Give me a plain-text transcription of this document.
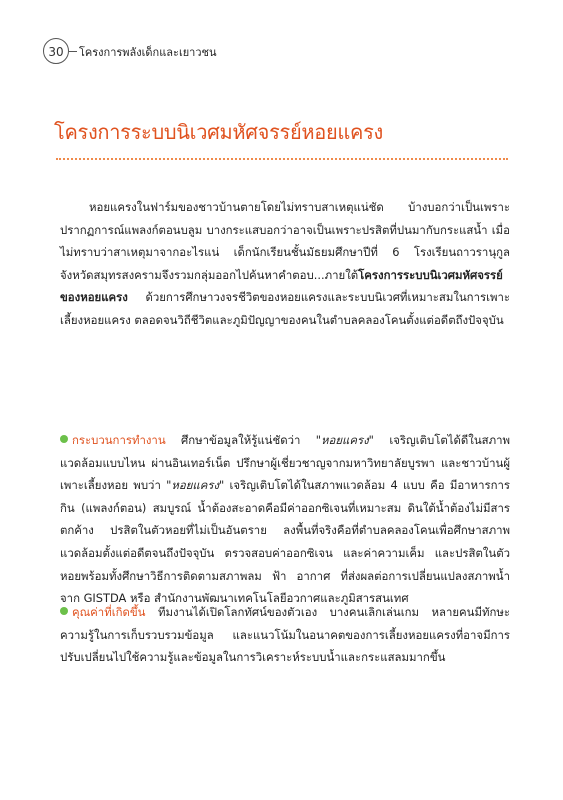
30	โครงการพลังเด็กและเยาวชน
โครงการระบบนิเวศมหัศจรรย์หอยแครง

หอยแครงในฟาร์มของชาวบ้านตายโดยไม่ทราบสาเหตุแน่ชัด บ้างบอกว่าเป็นเพราะปรากฏการณ์แพลงก์ตอนบลูม บางกระแสบอกว่าอาจเป็นเพราะปรสิตที่ปนมากับกระแสน้ำ เมื่อไม่ทราบว่าสาเหตุมาจากอะไรแน่ เด็กนักเรียนชั้นมัธยมศึกษาปีที่ 6 โรงเรียนถาวรานุกูล จังหวัดสมุทรสงครามจึงรวมกลุ่มออกไปค้นหาคำตอบ...ภายใต้โครงการระบบนิเวศมหัศจรรย์ของหอยแครง ด้วยการศึกษาวงจรชีวิตของหอยแครงและระบบนิเวศที่เหมาะสมในการเพาะเลี้ยงหอยแครง ตลอดจนวิถีชีวิตและภูมิปัญญาของคนในตำบลคลองโคนตั้งแต่อดีตถึงปัจจุบัน

กระบวนการทำงาน ศึกษาข้อมูลให้รู้แน่ชัดว่า "หอยแครง" เจริญเติบโตได้ดีในสภาพแวดล้อมแบบไหน ผ่านอินเทอร์เน็ต ปรึกษาผู้เชี่ยวชาญจากมหาวิทยาลัยบูรพา และชาวบ้านผู้เพาะเลี้ยงหอย พบว่า "หอยแครง" เจริญเติบโตได้ในสภาพแวดล้อม 4 แบบ คือ มีอาหารการกิน (แพลงก์ตอน) สมบูรณ์ น้ำต้องสะอาดคือมีค่าออกซิเจนที่เหมาะสม ดินใต้น้ำต้องไม่มีสารตกค้าง ปรสิตในตัวหอยที่ไม่เป็นอันตราย ลงพื้นที่จริงคือที่ตำบลคลองโคนเพื่อศึกษาสภาพแวดล้อมตั้งแต่อดีตจนถึงปัจจุบัน ตรวจสอบค่าออกซิเจน และค่าความเค็ม และปรสิตในตัวหอยพร้อมทั้งศึกษาวิธีการติดตามสภาพลม ฟ้า อากาศ ที่ส่งผลต่อการเปลี่ยนแปลงสภาพน้ำจาก GISTDA หรือ สำนักงานพัฒนาเทคโนโลยีอวกาศและภูมิสารสนเทศ

คุณค่าที่เกิดขึ้น ทีมงานได้เปิดโลกทัศน์ของตัวเอง บางคนเลิกเล่นเกม หลายคนมีทักษะความรู้ในการเก็บรวบรวมข้อมูล และแนวโน้มในอนาคตของการเลี้ยงหอยแครงที่อาจมีการปรับเปลี่ยนไปใช้ความรู้และข้อมูลในการวิเคราะห์ระบบน้ำและกระแสลมมากขึ้น
